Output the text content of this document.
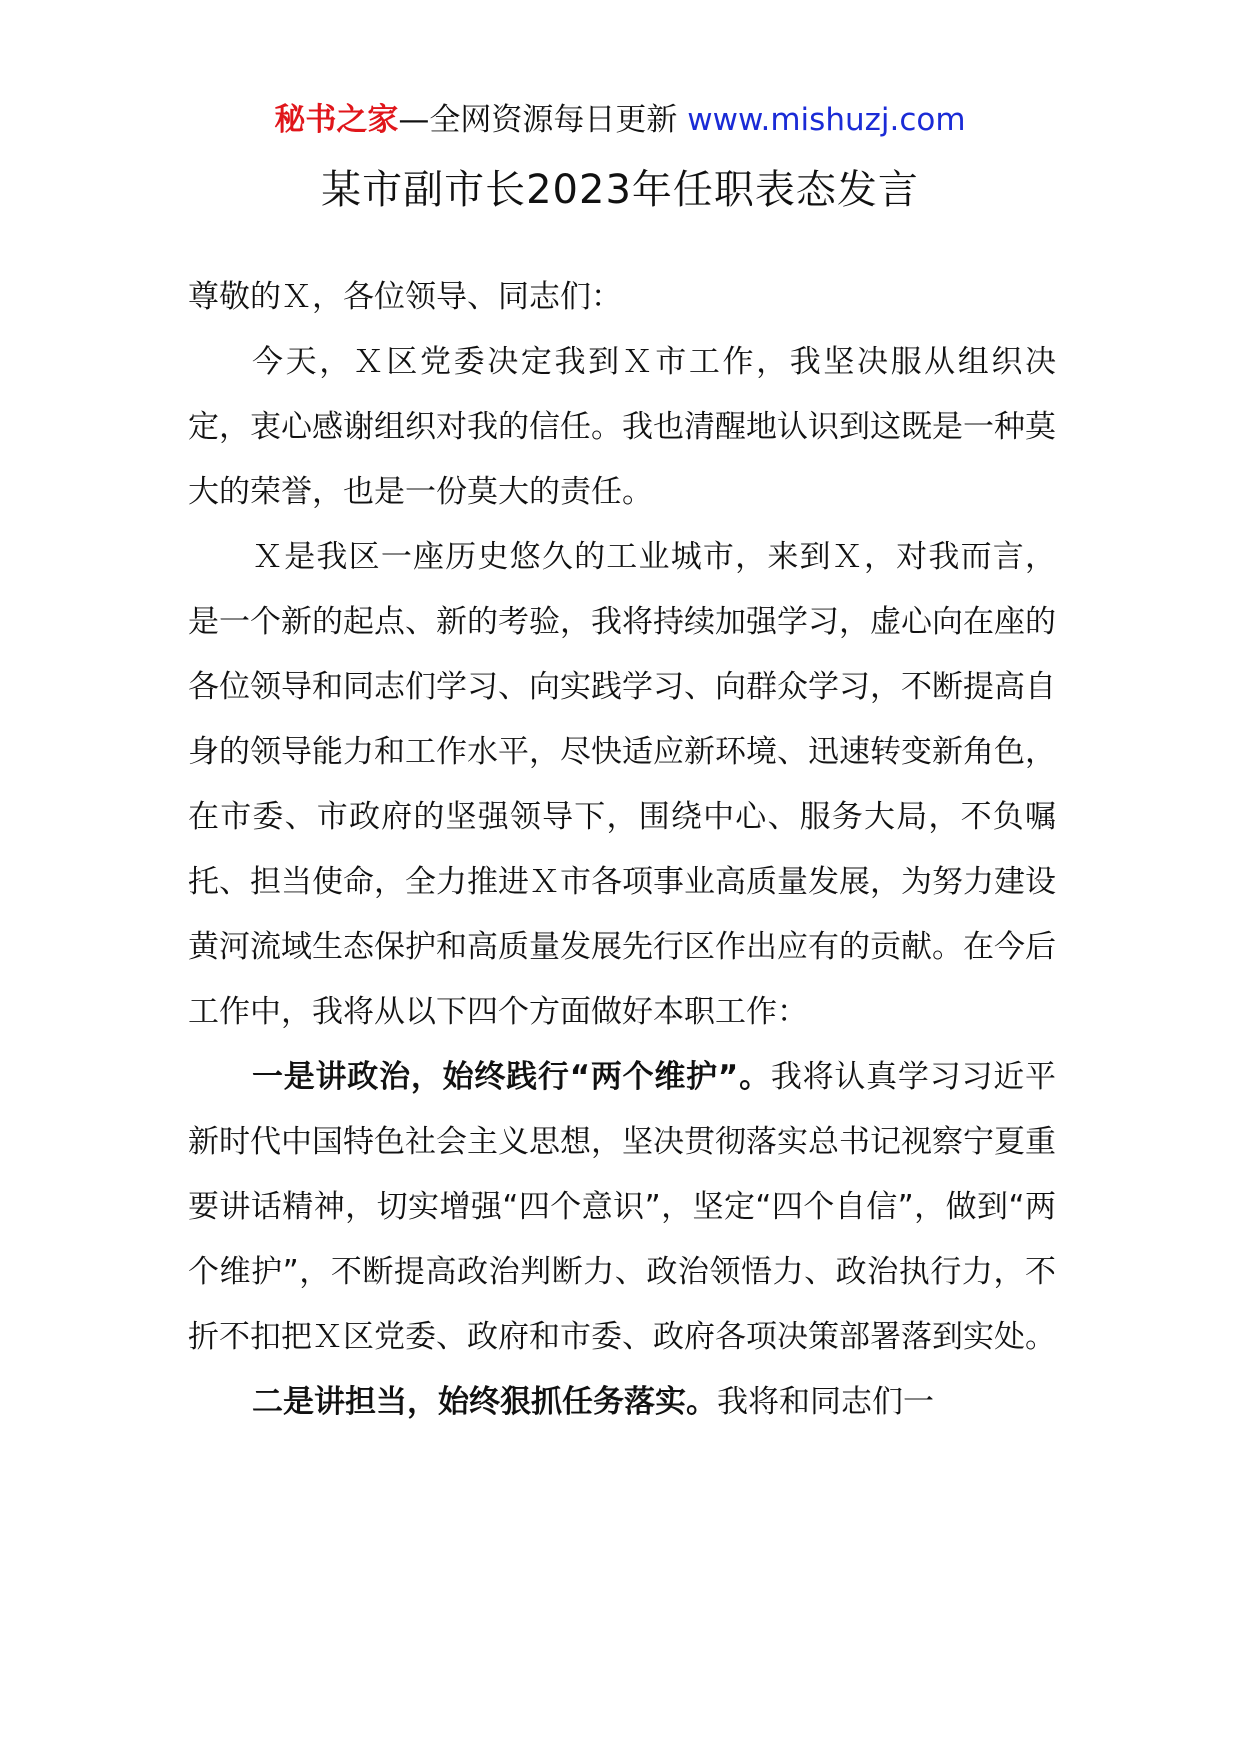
秘书之家—全网资源每日更新 www.mishuzj.com
某市副市长2023年任职表态发言

尊敬的Ｘ，各位领导、同志们：

今天，Ｘ区党委决定我到Ｘ市工作，我坚决服从组织决定，衷心感谢组织对我的信任。我也清醒地认识到这既是一种莫大的荣誉，也是一份莫大的责任。

Ｘ是我区一座历史悠久的工业城市，来到Ｘ，对我而言，是一个新的起点、新的考验，我将持续加强学习，虚心向在座的各位领导和同志们学习、向实践学习、向群众学习，不断提高自身的领导能力和工作水平，尽快适应新环境、迅速转变新角色，在市委、市政府的坚强领导下，围绕中心、服务大局，不负嘱托、担当使命，全力推进Ｘ市各项事业高质量发展，为努力建设黄河流域生态保护和高质量发展先行区作出应有的贡献。在今后工作中，我将从以下四个方面做好本职工作：

一是讲政治，始终践行“两个维护”。我将认真学习习近平新时代中国特色社会主义思想，坚决贯彻落实总书记视察宁夏重要讲话精神，切实增强“四个意识”，坚定“四个自信”，做到“两个维护”，不断提高政治判断力、政治领悟力、政治执行力，不折不扣把Ｘ区党委、政府和市委、政府各项决策部署落到实处。

二是讲担当，始终狠抓任务落实。我将和同志们一
